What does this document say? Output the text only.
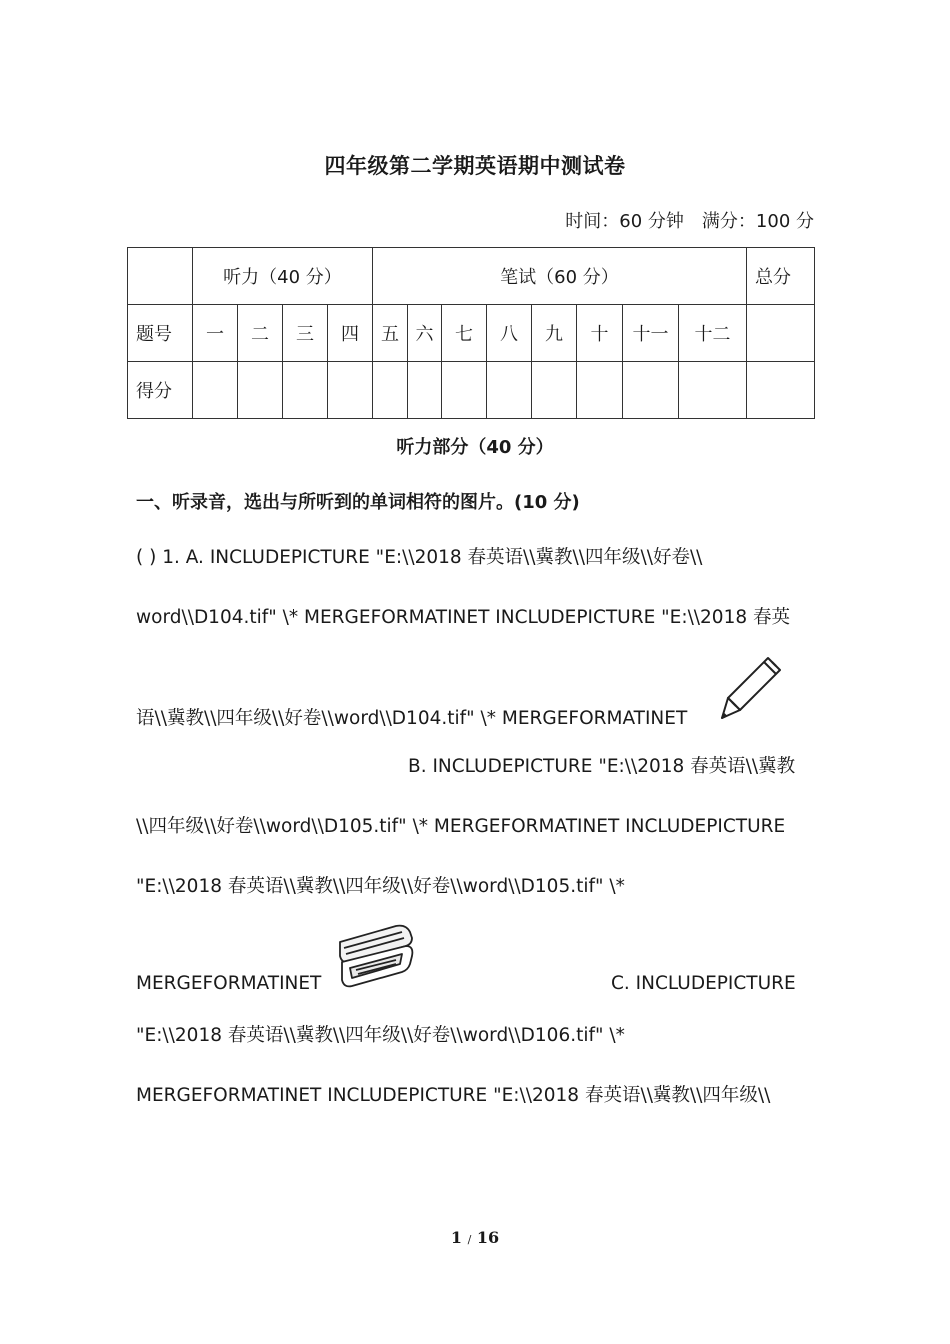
四年级第二学期英语期中测试卷
时间：60 分钟 满分：100 分
	听力（40 分）				笔试（60 分）								总分
题号	一	二	三	四	五	六	七	八	九	十	十一	十二	
得分													
听力部分（40 分）
一、听录音，选出与所听到的单词相符的图片。(10 分)
( ) 1. A. INCLUDEPICTURE "E:\\2018 春英语\\冀教\\四年级\\好卷\\
word\\D104.tif" \* MERGEFORMATINET INCLUDEPICTURE "E:\\2018 春英
语\\冀教\\四年级\\好卷\\word\\D104.tif" \* MERGEFORMATINET
B. INCLUDEPICTURE "E:\\2018 春英语\\冀教
\\四年级\\好卷\\word\\D105.tif" \* MERGEFORMATINET INCLUDEPICTURE
"E:\\2018 春英语\\冀教\\四年级\\好卷\\word\\D105.tif" \*
MERGEFORMATINET	C. INCLUDEPICTURE
"E:\\2018 春英语\\冀教\\四年级\\好卷\\word\\D106.tif" \*
MERGEFORMATINET INCLUDEPICTURE "E:\\2018 春英语\\冀教\\四年级\\
1 / 16
